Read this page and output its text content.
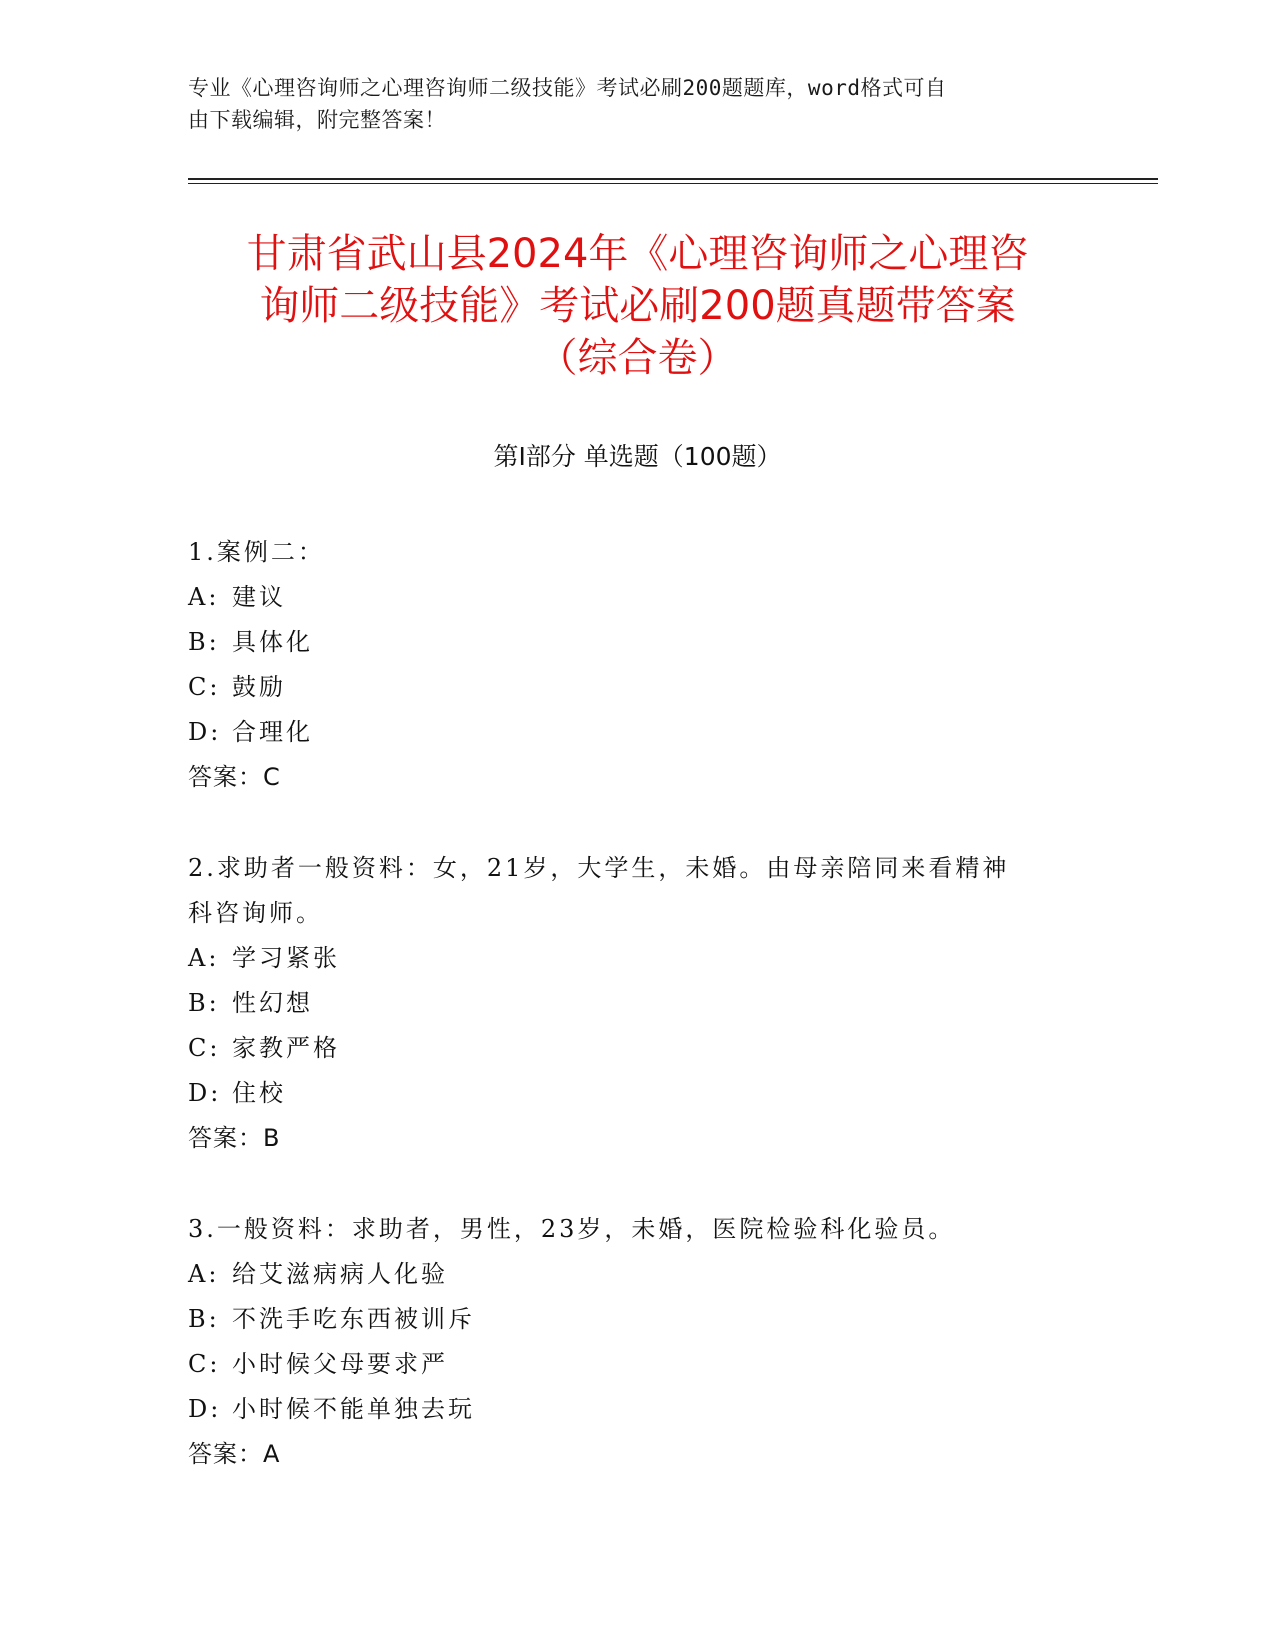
专业《心理咨询师之心理咨询师二级技能》考试必刷200题题库，word格式可自
由下载编辑，附完整答案！
甘肃省武山县2024年《心理咨询师之心理咨
询师二级技能》考试必刷200题真题带答案
（综合卷）
第Ⅰ部分 单选题（100题）
1.案例二：
A: 建议
B: 具体化
C: 鼓励
D: 合理化
答案：C
2.求助者一般资料：女，21岁，大学生，未婚。由母亲陪同来看精神
科咨询师。
A: 学习紧张
B: 性幻想
C: 家教严格
D: 住校
答案：B
3.一般资料：求助者，男性，23岁，未婚，医院检验科化验员。
A: 给艾滋病病人化验
B: 不洗手吃东西被训斥
C: 小时候父母要求严
D: 小时候不能单独去玩
答案：A
